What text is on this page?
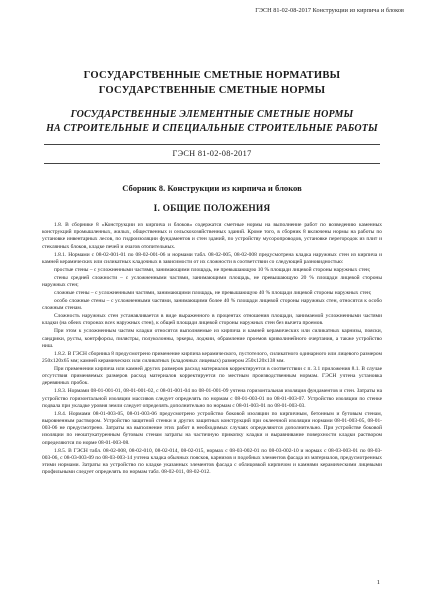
ГЭСН 81-02-08-2017 Конструкции из кирпича и блоков
ГОСУДАРСТВЕННЫЕ СМЕТНЫЕ НОРМАТИВЫ
ГОСУДАРСТВЕННЫЕ СМЕТНЫЕ НОРМЫ
ГОСУДАРСТВЕННЫЕ ЭЛЕМЕНТНЫЕ СМЕТНЫЕ НОРМЫ
НА СТРОИТЕЛЬНЫЕ И СПЕЦИАЛЬНЫЕ СТРОИТЕЛЬНЫЕ РАБОТЫ
ГЭСН 81-02-08-2017
Сборник 8. Конструкции из кирпича и блоков
I. ОБЩИЕ ПОЛОЖЕНИЯ

1.8. В сборнике 8 «Конструкции из кирпича и блоков» содержатся сметные нормы на выполнение работ по возведению каменных конструкций промышленных, жилых, общественных и сельскохозяйственных зданий. Кроме того, в сборник 8 включены нормы на работы по установке инвентарных лесов, по гидроизоляции фундаментов и стен зданий, по устройству мусоропроводов, установке перегородок из плит и стеклянных блоков, кладке печей и очагов отопительных.

1.8.1. Нормами с 08-02-001-01 по 08-02-001-06 и нормами табл. 08-02-005, 08-02-008 предусмотрена кладка наружных стен из кирпича и камней керамических или силикатных кладочных в зависимости от их сложности в соответствии со следующей разновидностью:

простые стены – с усложненными частями, занимающими площадь, не превышающую 10 % площади лицевой стороны наружных стен;

стены средней сложности – с усложненными частями, занимающими площадь, не превышающую 20 % площади лицевой стороны наружных стен;

сложные стены – с усложненными частями, занимающими площадь, не превышающую 40 % площади лицевой стороны наружных стен;

особо сложные стены – с усложненными частями, занимающими более 40 % площади лицевой стороны наружных стен, относятся к особо сложным стенам.

Сложность наружных стен устанавливается в виде выраженного в процентах отношения площади, занимаемой усложненными частями кладки (на обеих сторонах всех наружных стен), к общей площади лицевой стороны наружных стен без вычета проемов.

При этом к усложненным частям кладки относятся выполняемые из кирпича и камней керамических или силикатных карнизы, пояски, сандрики, русты, контрфорсы, пилястры, полуколонны, эркеры, лоджии, обрамление проемов криволинейного очертания, а также устройство ниш.

1.8.2. В ГЭСН сборника 8 предусмотрено применение кирпича керамического, пустотелого, силикатного одинарного или лицевого размером 250х120х65 мм; камней керамических или силикатных (кладочных лицевых) размером 250х120х138 мм.

При применении кирпича или камней других размеров расход материалов корректируется в соответствии с п. 3.1 приложения 8.1. В случае отсутствия применяемых размеров расход материалов корректируется по местным производственным нормам. ГЭСН учтена установка деревянных пробок.

1.8.3. Нормами 08-01-001-01, 08-01-001-02, с 08-01-001-04 по 08-01-001-09 учтена горизонтальная изоляция фундаментов и стен. Затраты на устройство горизонтальной изоляции массивов следует определять по нормам с 08-01-003-01 по 08-01-003-07. Устройство изоляции по стенке подвала при укладке уровня земли следует определять дополнительно по нормам с 08-01-003-01 по 08-01-003-03.

1.8.4. Нормами 08-01-003-05, 08-01-003-06 предусмотрено устройство боковой изоляции по кирпичным, бетонным и бутовым стенам, выровненным раствором. Устройство защитной стенки и других защитных конструкций при оклеечной изоляции нормами 08-01-003-05, 08-01-003-06 не предусмотрено. Затраты на выполнение этих работ в необходимых случаях определяются дополнительно. При устройстве боковой изоляции по неоштукатуренным бутовым стенам затраты на частичную прикопку кладки и выравнивание поверхности кладки раствором определяются по норме 08-01-003-08.

1.8.5. В ГЭСН табл. 08-02-008, 08-02-010, 08-02-014, 08-02-015, нормах с 08-03-002-01 по 08-03-002-10 и нормах с 08-03-003-01 по 08-03-003-06, с 08-03-003-09 по 08-03-003-14 учтена кладка обычных поясков, карнизов и подобных элементов фасада из материалов, предусмотренных этими нормами. Затраты на устройство по кладке указанных элементов фасада с облицовкой кирпичом и камнями керамическими лицевыми профильными следует определять по нормам табл. 08-02-011, 08-02-012.

1
